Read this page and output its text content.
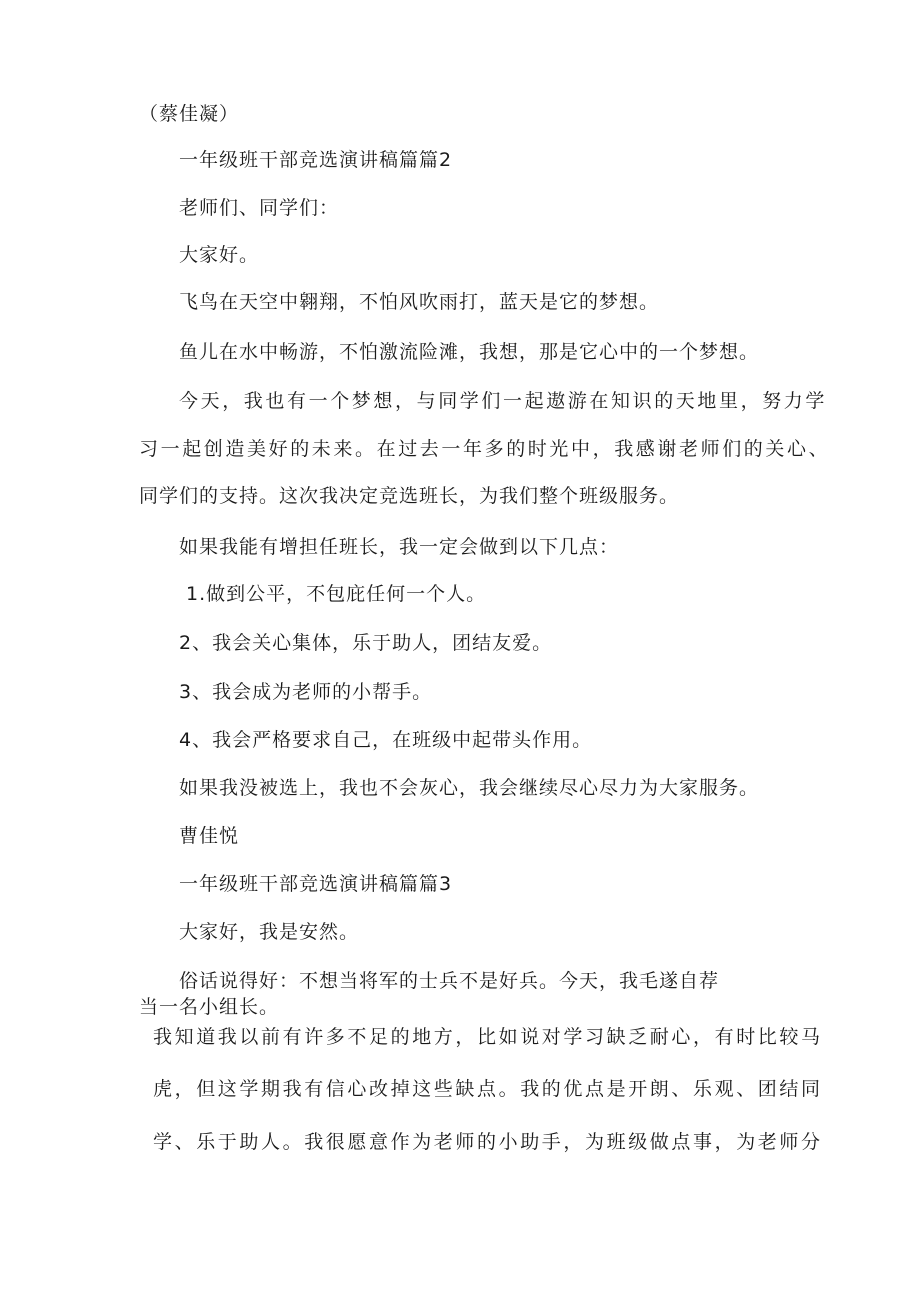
（蔡佳凝）
一年级班干部竞选演讲稿篇篇2
老师们、同学们：
大家好。
飞鸟在天空中翱翔，不怕风吹雨打，蓝天是它的梦想。
鱼儿在水中畅游，不怕激流险滩，我想，那是它心中的一个梦想。
今天，我也有一个梦想，与同学们一起遨游在知识的天地里，努力学
习一起创造美好的未来。在过去一年多的时光中，我感谢老师们的关心、
同学们的支持。这次我决定竞选班长，为我们整个班级服务。
如果我能有增担任班长，我一定会做到以下几点：
1.做到公平，不包庇任何一个人。
2、我会关心集体，乐于助人，团结友爱。
3、我会成为老师的小帮手。
4、我会严格要求自己，在班级中起带头作用。
如果我没被选上，我也不会灰心，我会继续尽心尽力为大家服务。
曹佳悦
一年级班干部竞选演讲稿篇篇3
大家好，我是安然。
俗话说得好：不想当将军的士兵不是好兵。今天，我毛遂自荐
当一名小组长。
我知道我以前有许多不足的地方，比如说对学习缺乏耐心，有时比较马
虎，但这学期我有信心改掉这些缺点。我的优点是开朗、乐观、团结同
学、乐于助人。我很愿意作为老师的小助手，为班级做点事，为老师分
